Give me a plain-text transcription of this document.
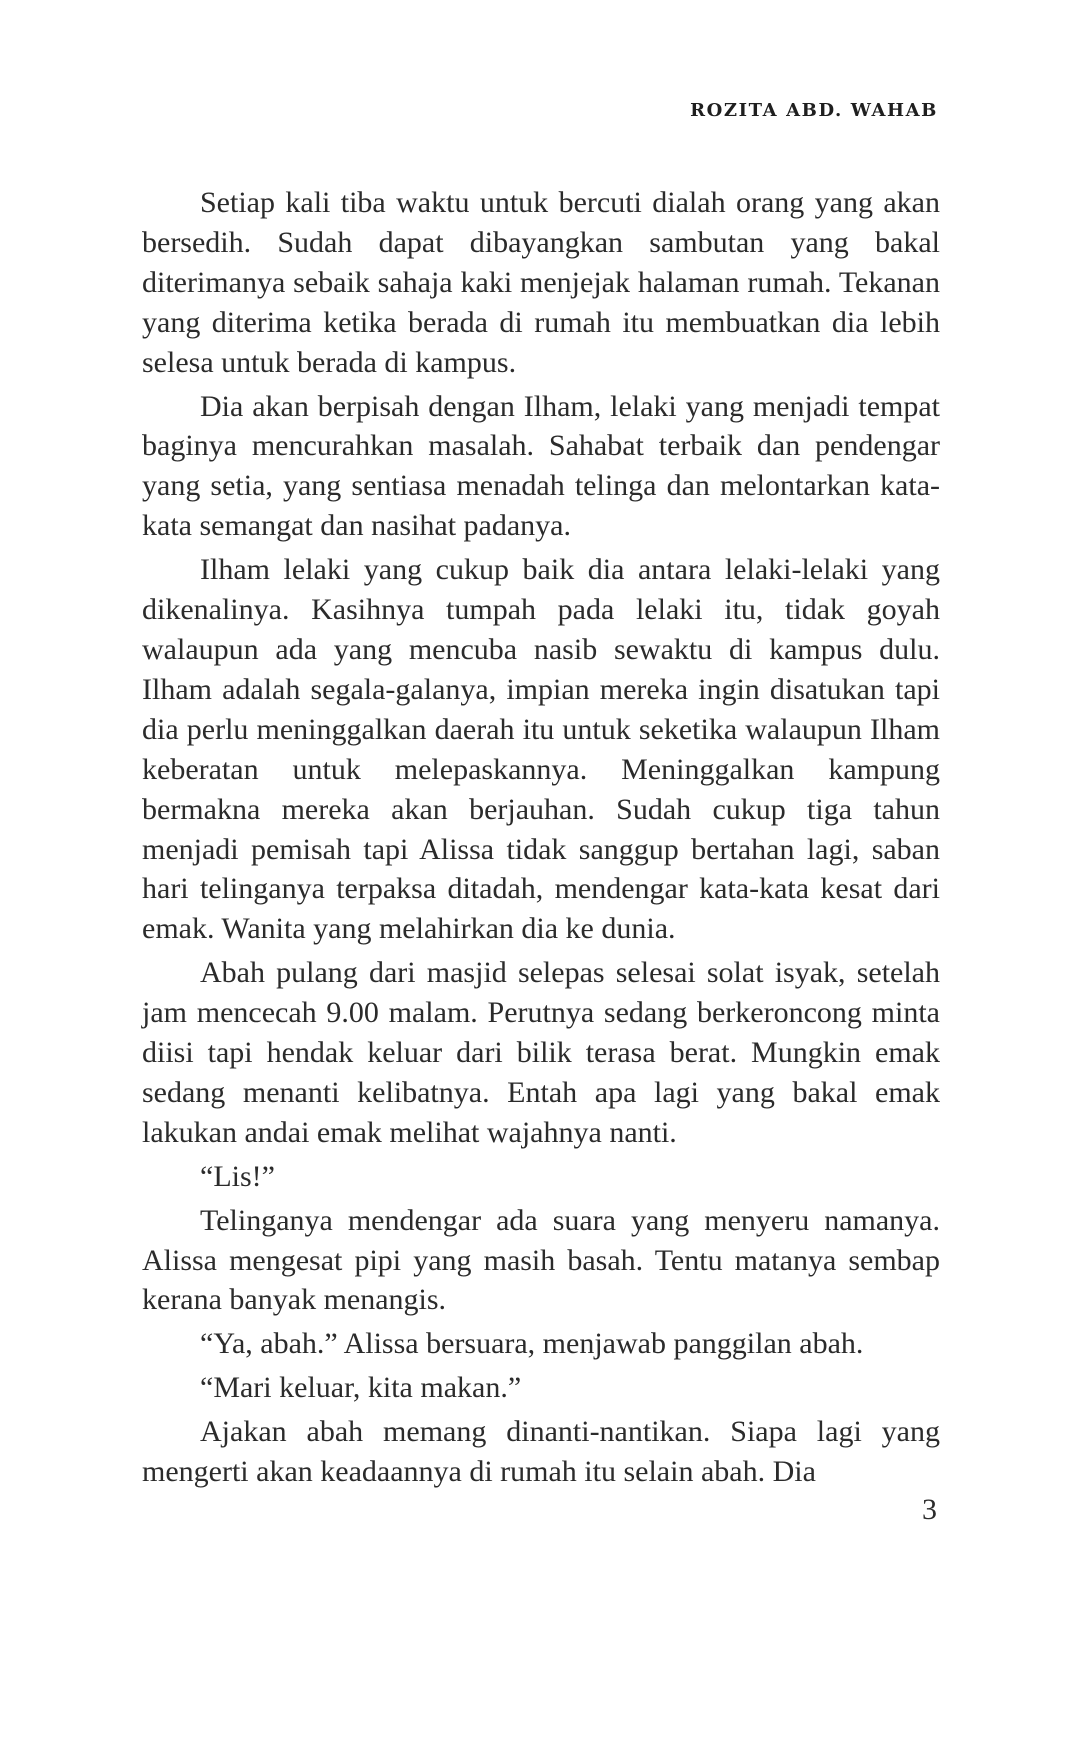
ROZITA ABD. WAHAB

Setiap kali tiba waktu untuk bercuti dialah orang yang akan bersedih. Sudah dapat dibayangkan sambutan yang bakal diterimanya sebaik sahaja kaki menjejak halaman rumah. Tekanan yang diterima ketika berada di rumah itu membuatkan dia lebih selesa untuk berada di kampus.

Dia akan berpisah dengan Ilham, lelaki yang menjadi tempat baginya mencurahkan masalah. Sahabat terbaik dan pendengar yang setia, yang sentiasa menadah telinga dan melontarkan kata-kata semangat dan nasihat padanya.

Ilham lelaki yang cukup baik dia antara lelaki-lelaki yang dikenalinya. Kasihnya tumpah pada lelaki itu, tidak goyah walaupun ada yang mencuba nasib sewaktu di kampus dulu. Ilham adalah segala-galanya, impian mereka ingin disatukan tapi dia perlu meninggalkan daerah itu untuk seketika walaupun Ilham keberatan untuk melepaskannya. Meninggalkan kampung bermakna mereka akan berjauhan. Sudah cukup tiga tahun menjadi pemisah tapi Alissa tidak sanggup bertahan lagi, saban hari telinganya terpaksa ditadah, mendengar kata-kata kesat dari emak. Wanita yang melahirkan dia ke dunia.

Abah pulang dari masjid selepas selesai solat isyak, setelah jam mencecah 9.00 malam. Perutnya sedang berkeroncong minta diisi tapi hendak keluar dari bilik terasa berat. Mungkin emak sedang menanti kelibatnya. Entah apa lagi yang bakal emak lakukan andai emak melihat wajahnya nanti.

“Lis!”

Telinganya mendengar ada suara yang menyeru namanya. Alissa mengesat pipi yang masih basah. Tentu matanya sembap kerana banyak menangis.

“Ya, abah.” Alissa bersuara, menjawab panggilan abah.

“Mari keluar, kita makan.”

Ajakan abah memang dinanti-nantikan. Siapa lagi yang mengerti akan keadaannya di rumah itu selain abah. Dia

3
